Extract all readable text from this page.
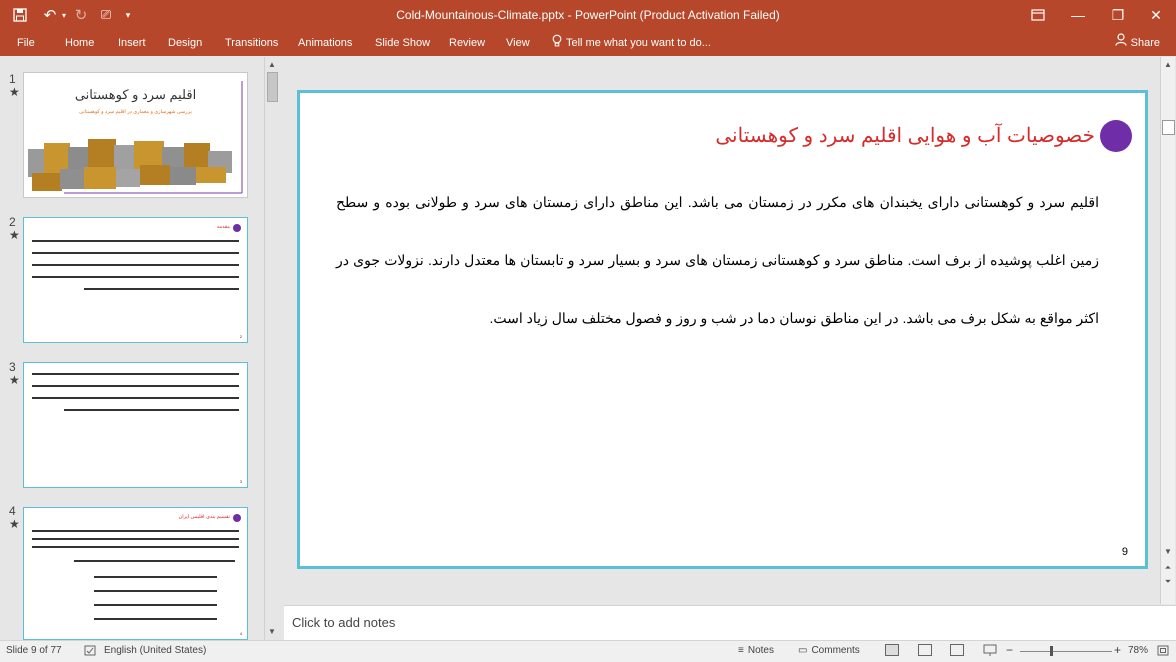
↶ ▾ ↻	⎚	▾	Cold-Mountainous-Climate.pptx - PowerPoint (Product Activation Failed)	—	❐	✕
File	Home Insert Design Transitions Animations Slide Show Review View	Tell me what you want to do...	Share
1
★	اقلیم سرد و کوهستانی
بررسی شهرسازی و معماری در اقلیم سرد و کوهستانی
2
★
مقدمه
2
3
★
3
4
★	تقسیم بندی اقلیمی ایران
4
▲
▼
خصوصیات آب و هوایی اقلیم سرد و کوهستانی
اقلیم سرد و کوهستانی دارای یخبندان های مکرر در زمستان می باشد. این مناطق دارای زمستان های سرد و طولانی بوده و سطح زمین اغلب پوشیده از برف است. مناطق سرد و کوهستانی زمستان های سرد و بسیار سرد و تابستان ها معتدل دارند. نزولات جوی در اکثر مواقع به شکل برف می باشد. در این مناطق نوسان دما در شب و روز و فصول مختلف سال زیاد است.
9
▲
▼
⏶
⏷
Click to add notes
Slide 9 of 77	English (United States)	≡ Notes ▭ Comments	−	+ 78%
